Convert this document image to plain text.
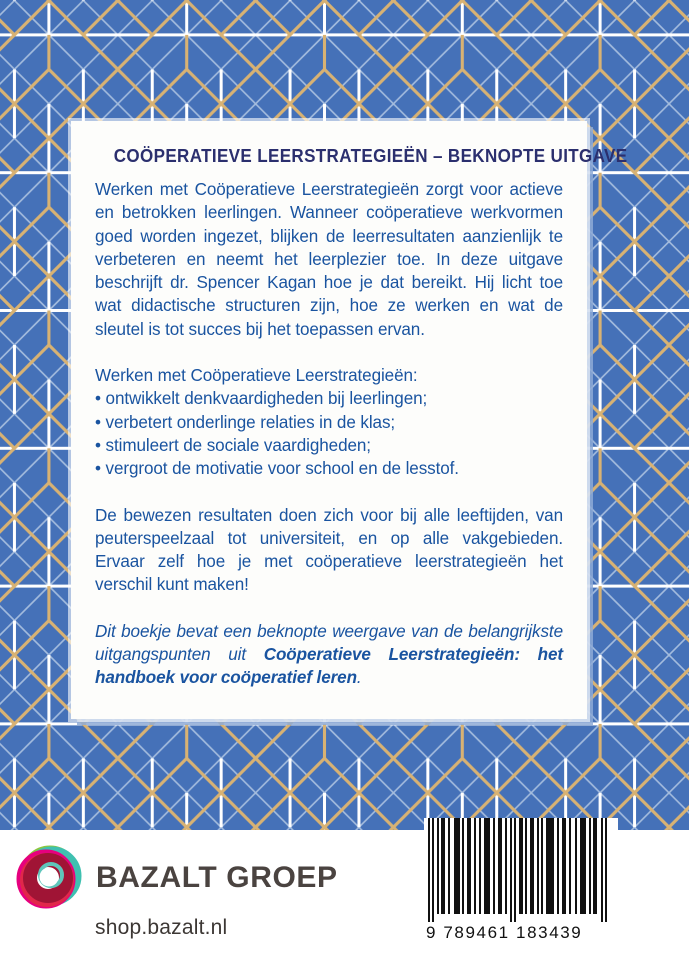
COÖPERATIEVE LEERSTRATEGIEËN – BEKNOPTE UITGAVE

Werken met Coöperatieve Leerstrategieën zorgt voor actieve en betrokken leerlingen. Wanneer coöperatieve werkvormen goed worden ingezet, blijken de leerresultaten aanzienlijk te verbeteren en neemt het leerplezier toe. In deze uitgave beschrijft dr. Spencer Kagan hoe je dat bereikt. Hij licht toe wat didactische structuren zijn, hoe ze werken en wat de sleutel is tot succes bij het toepassen ervan.

Werken met Coöperatieve Leerstrategieën:

• ontwikkelt denkvaardigheden bij leerlingen;

• verbetert onderlinge relaties in de klas;

• stimuleert de sociale vaardigheden;

• vergroot de motivatie voor school en de lesstof.

De bewezen resultaten doen zich voor bij alle leeftijden, van peuterspeelzaal tot universiteit, en op alle vakgebieden. Ervaar zelf hoe je met coöperatieve leerstrategieën het verschil kunt maken!

Dit boekje bevat een beknopte weergave van de belangrijkste uitgangspunten uit Coöperatieve Leerstrategieën: het handboek voor coöperatief leren.

BAZALT GROEP
shop.bazalt.nl	9 789461 183439
